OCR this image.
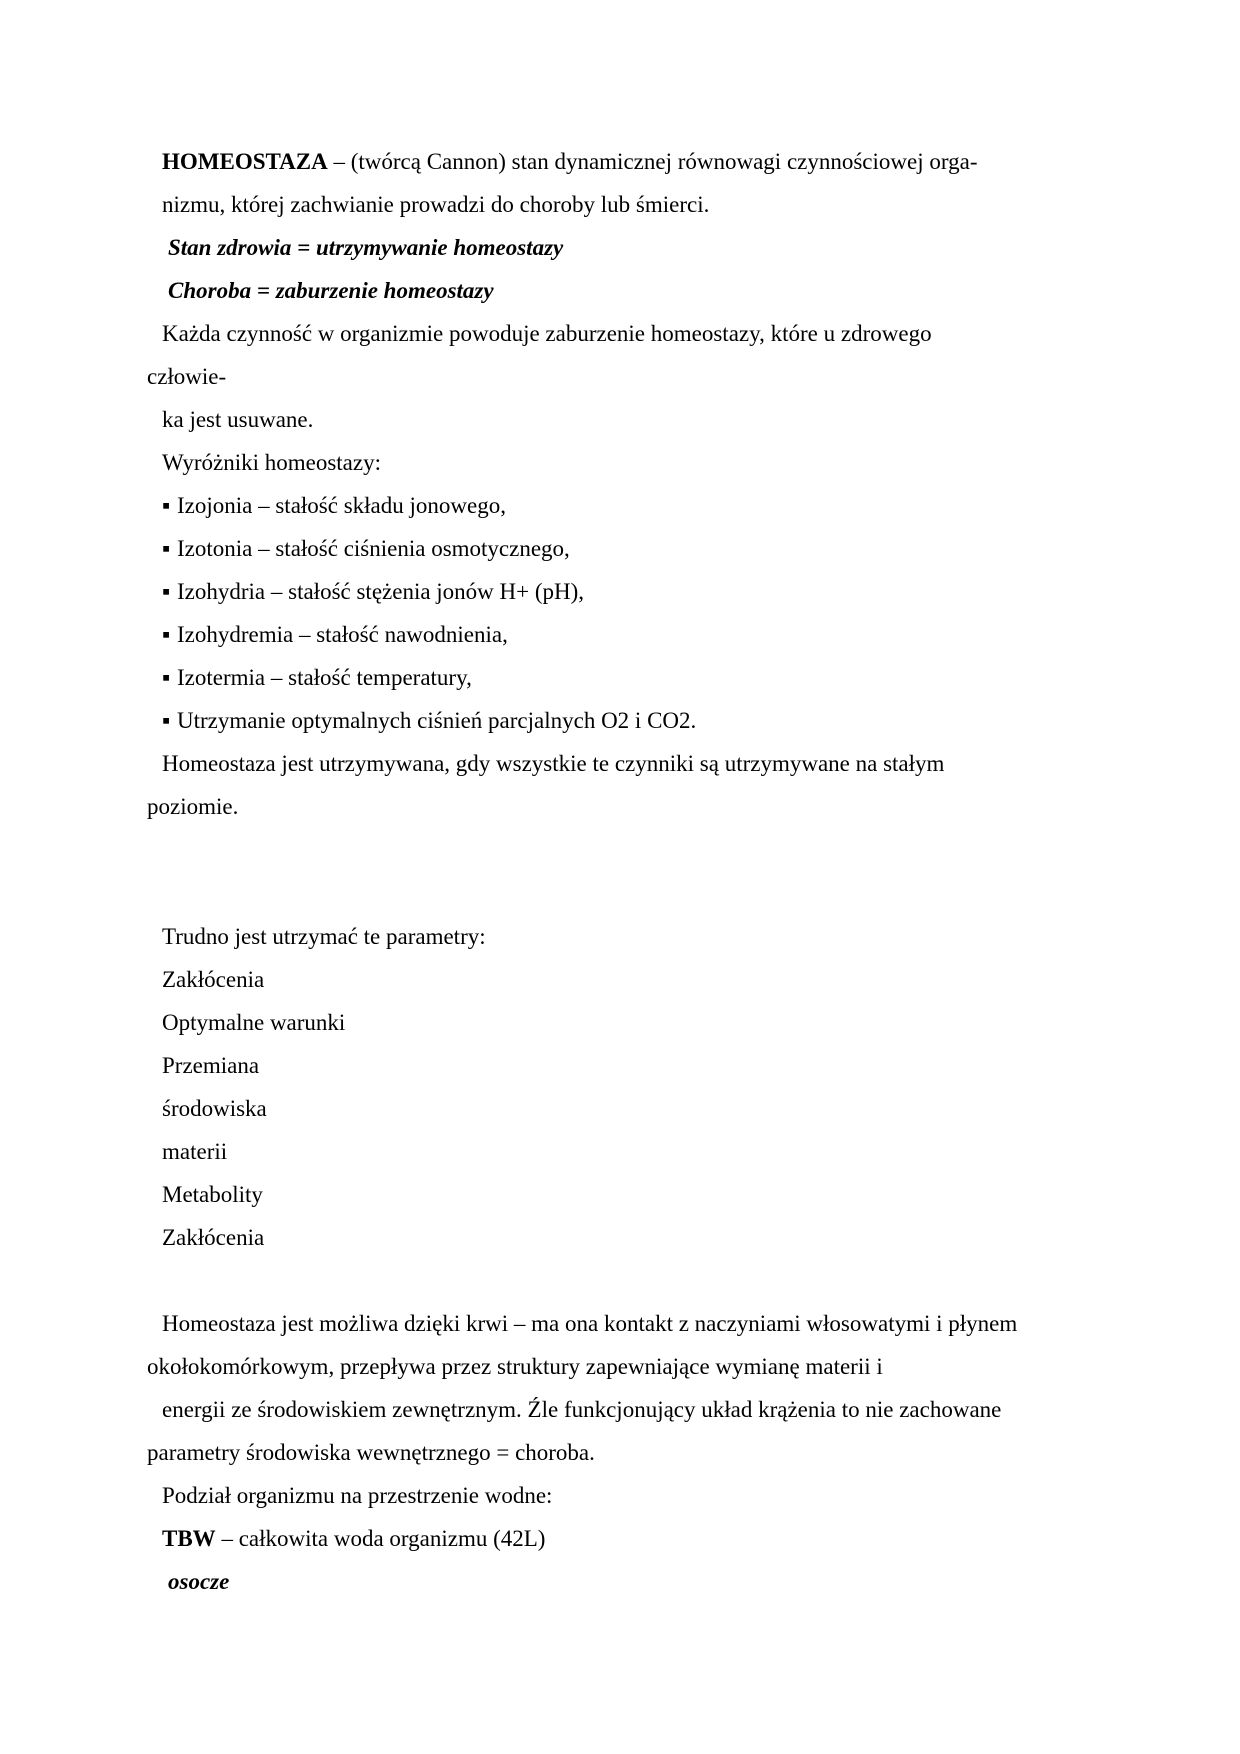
HOMEOSTAZA – (twórcą Cannon) stan dynamicznej równowagi czynnościowej orga-
nizmu, której zachwianie prowadzi do choroby lub śmierci.
Stan zdrowia = utrzymywanie homeostazy
Choroba = zaburzenie homeostazy
Każda czynność w organizmie powoduje zaburzenie homeostazy, które u zdrowego
człowie-
ka jest usuwane.
Wyróżniki homeostazy:
▪ Izojonia – stałość składu jonowego,
▪ Izotonia – stałość ciśnienia osmotycznego,
▪ Izohydria – stałość stężenia jonów H+ (pH),
▪ Izohydremia – stałość nawodnienia,
▪ Izotermia – stałość temperatury,
▪ Utrzymanie optymalnych ciśnień parcjalnych O2 i CO2.
Homeostaza jest utrzymywana, gdy wszystkie te czynniki są utrzymywane na stałym
poziomie.
Trudno jest utrzymać te parametry:
Zakłócenia
Optymalne warunki
Przemiana
środowiska
materii
Metabolity
Zakłócenia
Homeostaza jest możliwa dzięki krwi – ma ona kontakt z naczyniami włosowatymi i płynem
okołokomórkowym, przepływa przez struktury zapewniające wymianę materii i
energii ze środowiskiem zewnętrznym. Źle funkcjonujący układ krążenia to nie zachowane
parametry środowiska wewnętrznego = choroba.
Podział organizmu na przestrzenie wodne:
TBW – całkowita woda organizmu (42L)
osocze
